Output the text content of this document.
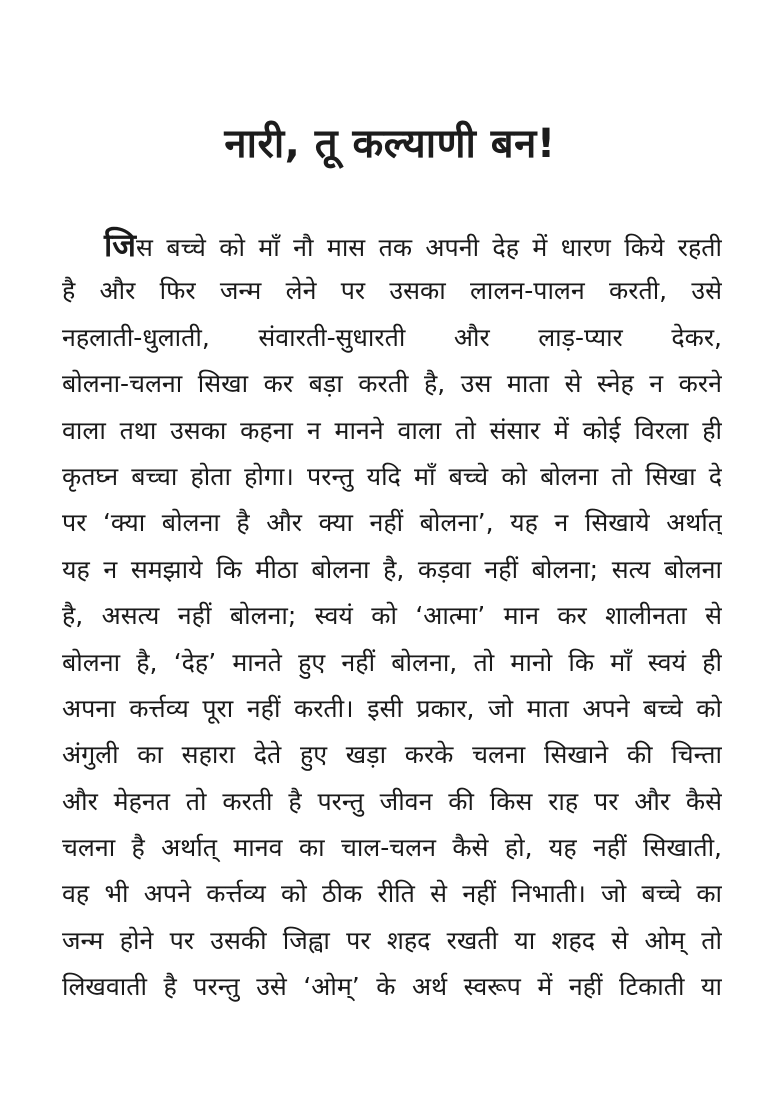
नारी, तू कल्याणी बन!
जिस बच्चे को माँ नौ मास तक अपनी देह में धारण किये रहती
है और फिर जन्म लेने पर उसका लालन-पालन करती, उसे
नहलाती-धुलाती, संवारती-सुधारती और लाड़-प्यार देकर,
बोलना-चलना सिखा कर बड़ा करती है, उस माता से स्नेह न करने
वाला तथा उसका कहना न मानने वाला तो संसार में कोई विरला ही
कृतघ्न बच्चा होता होगा। परन्तु यदि माँ बच्चे को बोलना तो सिखा दे
पर ‘क्या बोलना है और क्या नहीं बोलना’, यह न सिखाये अर्थात्
यह न समझाये कि मीठा बोलना है, कड़वा नहीं बोलना; सत्य बोलना
है, असत्य नहीं बोलना; स्वयं को ‘आत्मा’ मान कर शालीनता से
बोलना है, ‘देह’ मानते हुए नहीं बोलना, तो मानो कि माँ स्वयं ही
अपना कर्त्तव्य पूरा नहीं करती। इसी प्रकार, जो माता अपने बच्चे को
अंगुली का सहारा देते हुए खड़ा करके चलना सिखाने की चिन्ता
और मेहनत तो करती है परन्तु जीवन की किस राह पर और कैसे
चलना है अर्थात् मानव का चाल-चलन कैसे हो, यह नहीं सिखाती,
वह भी अपने कर्त्तव्य को ठीक रीति से नहीं निभाती। जो बच्चे का
जन्म होने पर उसकी जिह्वा पर शहद रखती या शहद से ओम् तो
लिखवाती है परन्तु उसे ‘ओम्’ के अर्थ स्वरूप में नहीं टिकाती या
